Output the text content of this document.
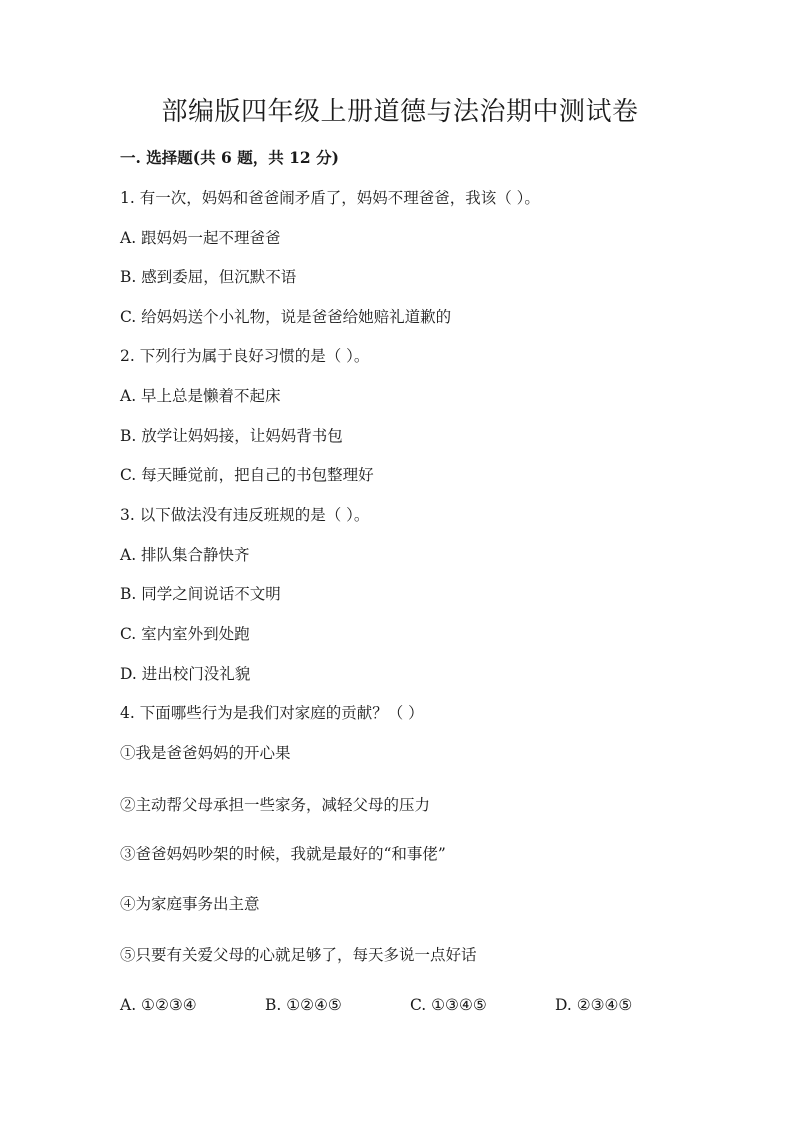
部编版四年级上册道德与法治期中测试卷
一. 选择题(共 6 题，共 12 分)
1. 有一次，妈妈和爸爸闹矛盾了，妈妈不理爸爸，我该（ ）。
A. 跟妈妈一起不理爸爸
B. 感到委屈，但沉默不语
C. 给妈妈送个小礼物，说是爸爸给她赔礼道歉的
2. 下列行为属于良好习惯的是（ ）。
A. 早上总是懒着不起床
B. 放学让妈妈接，让妈妈背书包
C. 每天睡觉前，把自己的书包整理好
3. 以下做法没有违反班规的是（ ）。
A. 排队集合静快齐
B. 同学之间说话不文明
C. 室内室外到处跑
D. 进出校门没礼貌
4. 下面哪些行为是我们对家庭的贡献？（ ）
①我是爸爸妈妈的开心果
②主动帮父母承担一些家务，减轻父母的压力
③爸爸妈妈吵架的时候，我就是最好的“和事佬”
④为家庭事务出主意
⑤只要有关爱父母的心就足够了，每天多说一点好话
A. ①②③④	B. ①②④⑤	C. ①③④⑤	D. ②③④⑤
